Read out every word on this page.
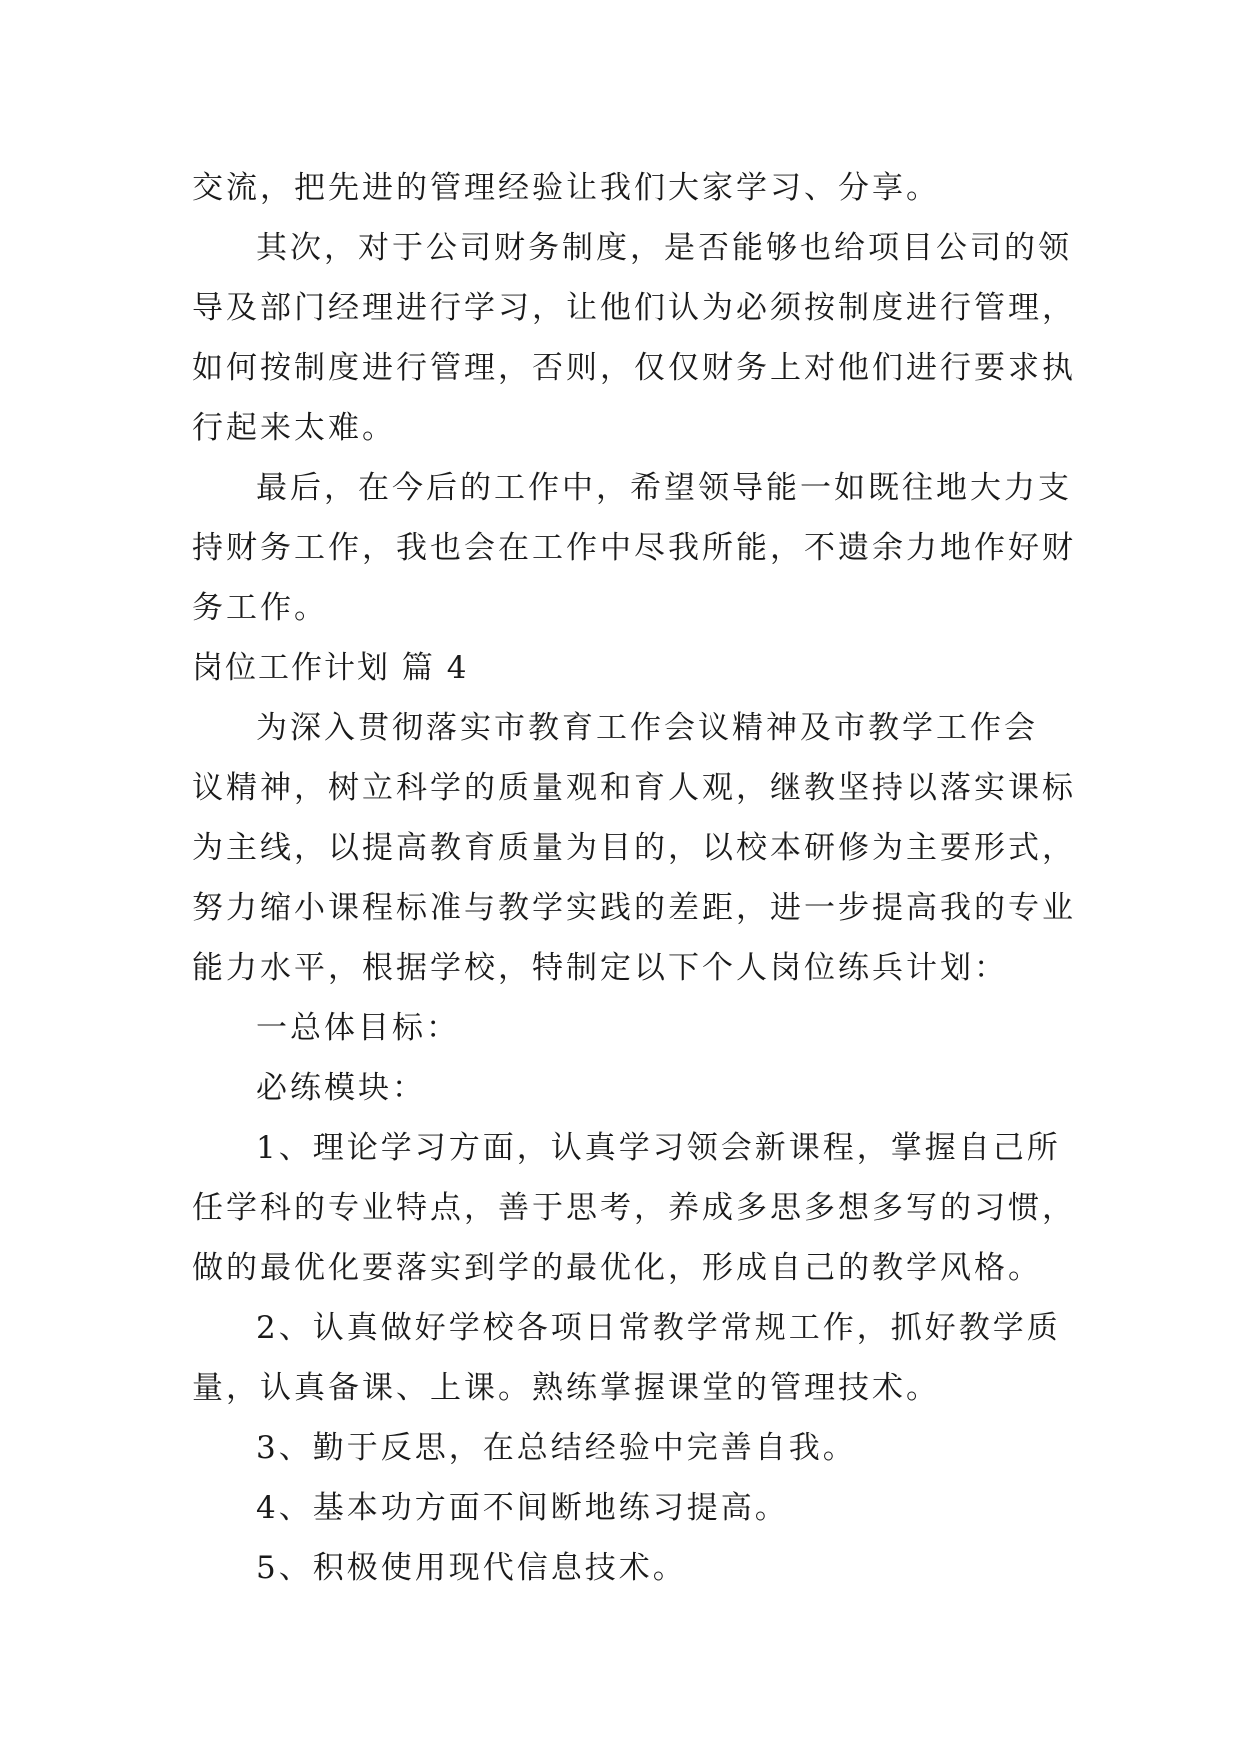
交流，把先进的管理经验让我们大家学习、分享。
其次，对于公司财务制度，是否能够也给项目公司的领
导及部门经理进行学习，让他们认为必须按制度进行管理，
如何按制度进行管理，否则，仅仅财务上对他们进行要求执
行起来太难。
最后，在今后的工作中，希望领导能一如既往地大力支
持财务工作，我也会在工作中尽我所能，不遗余力地作好财
务工作。
岗位工作计划 篇 4
为深入贯彻落实市教育工作会议精神及市教学工作会
议精神，树立科学的质量观和育人观，继教坚持以落实课标
为主线，以提高教育质量为目的，以校本研修为主要形式，
努力缩小课程标准与教学实践的差距，进一步提高我的专业
能力水平，根据学校，特制定以下个人岗位练兵计划：
一总体目标：
必练模块：
1、理论学习方面，认真学习领会新课程，掌握自己所
任学科的专业特点，善于思考，养成多思多想多写的习惯，
做的最优化要落实到学的最优化，形成自己的教学风格。
2、认真做好学校各项日常教学常规工作，抓好教学质
量，认真备课、上课。熟练掌握课堂的管理技术。
3、勤于反思，在总结经验中完善自我。
4、基本功方面不间断地练习提高。
5、积极使用现代信息技术。
